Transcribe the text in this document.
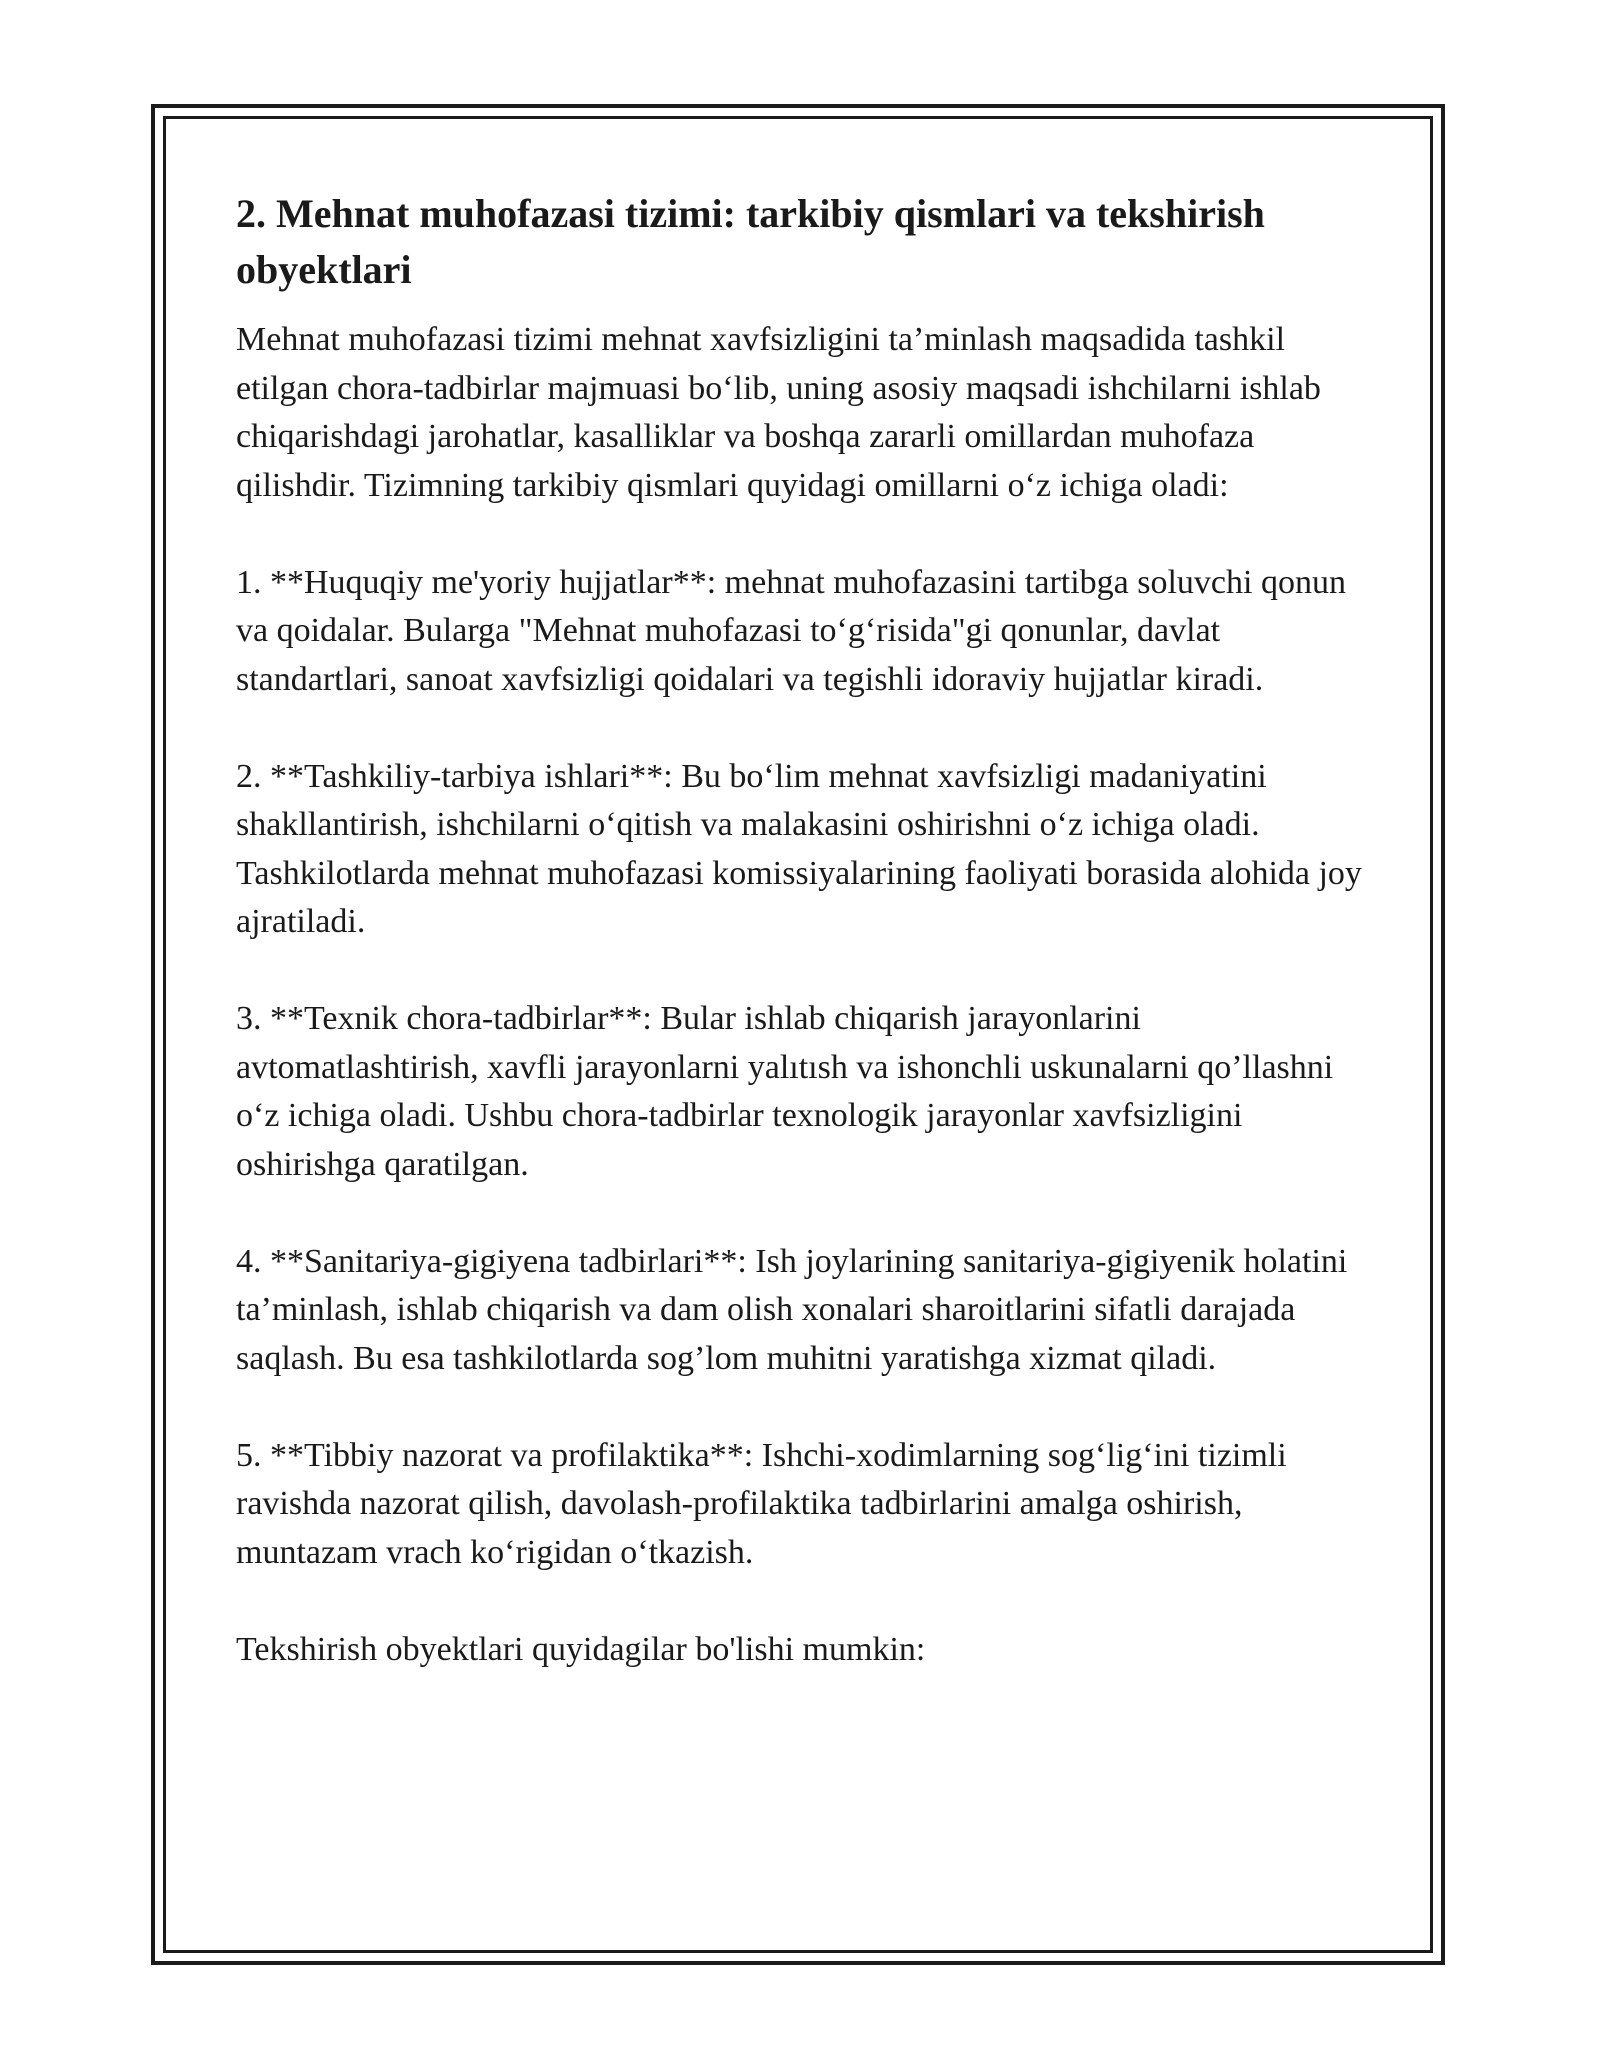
2. Mehnat muhofazasi tizimi: tarkibiy qismlari va tekshirish obyektlari

Mehnat muhofazasi tizimi mehnat xavfsizligini ta’minlash maqsadida tashkil etilgan chora-tadbirlar majmuasi bo‘lib, uning asosiy maqsadi ishchilarni ishlab chiqarishdagi jarohatlar, kasalliklar va boshqa zararli omillardan muhofaza qilishdir. Tizimning tarkibiy qismlari quyidagi omillarni o‘z ichiga oladi:

1. **Huquqiy me'yoriy hujjatlar**: mehnat muhofazasini tartibga soluvchi qonun va qoidalar. Bularga "Mehnat muhofazasi to‘g‘risida"gi qonunlar, davlat standartlari, sanoat xavfsizligi qoidalari va tegishli idoraviy hujjatlar kiradi.

2. **Tashkiliy-tarbiya ishlari**: Bu bo‘lim mehnat xavfsizligi madaniyatini shakllantirish, ishchilarni o‘qitish va malakasini oshirishni o‘z ichiga oladi. Tashkilotlarda mehnat muhofazasi komissiyalarining faoliyati borasida alohida joy ajratiladi.

3. **Texnik chora-tadbirlar**: Bular ishlab chiqarish jarayonlarini avtomatlashtirish, xavfli jarayonlarni yalıtısh va ishonchli uskunalarni qo’llashni o‘z ichiga oladi. Ushbu chora-tadbirlar texnologik jarayonlar xavfsizligini oshirishga qaratilgan.

4. **Sanitariya-gigiyena tadbirlari**: Ish joylarining sanitariya-gigiyenik holatini ta’minlash, ishlab chiqarish va dam olish xonalari sharoitlarini sifatli darajada saqlash. Bu esa tashkilotlarda sog’lom muhitni yaratishga xizmat qiladi.

5. **Tibbiy nazorat va profilaktika**: Ishchi-xodimlarning sog‘lig‘ini tizimli ravishda nazorat qilish, davolash-profilaktika tadbirlarini amalga oshirish, muntazam vrach ko‘rigidan o‘tkazish.

Tekshirish obyektlari quyidagilar bo'lishi mumkin:
